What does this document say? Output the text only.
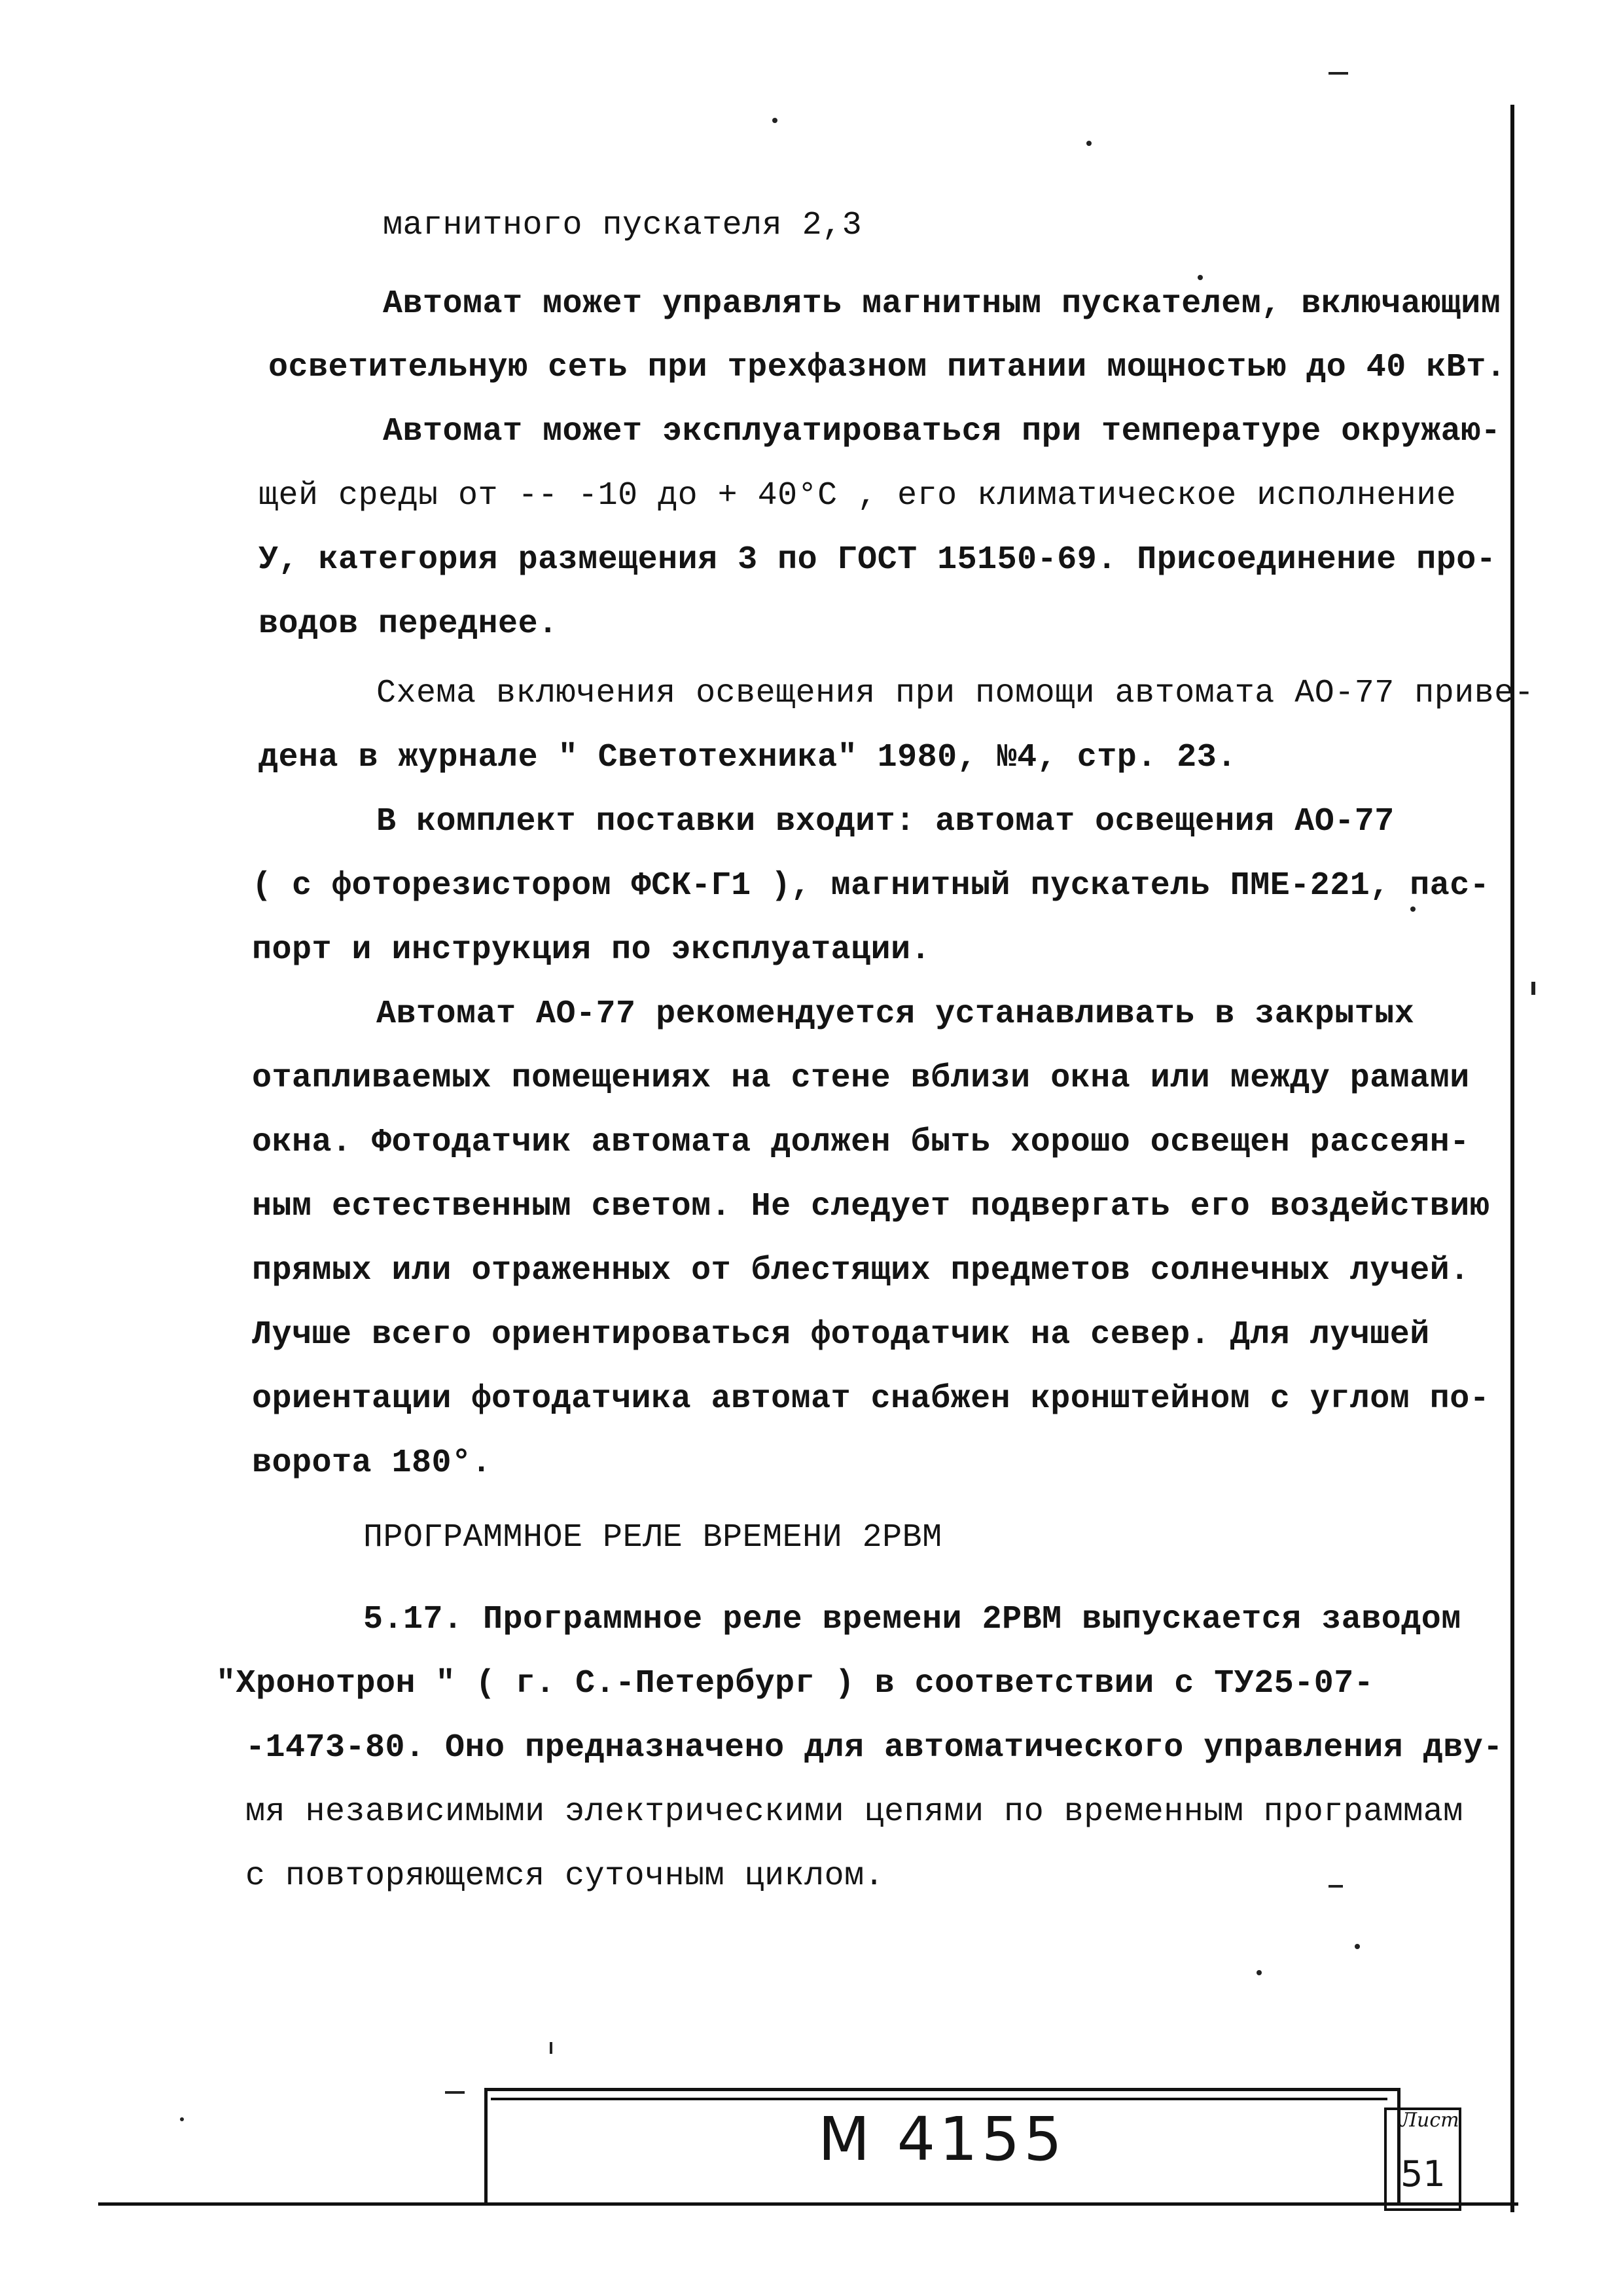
магнитного пускателя 2,3
Автомат может управлять магнитным пускателем, включающим
осветительную сеть при трехфазном питании мощностью до 40 кВт.
Автомат может эксплуатироваться при температуре окружаю-
щей среды от -- -10 до + 40°С , его климатическое исполнение
У, категория размещения 3 по ГОСТ 15150-69. Присоединение про-
водов переднее.
Схема включения освещения при помощи автомата АО-77 приве-
дена в журнале " Светотехника" 1980, №4, стр. 23.
В комплект поставки входит: автомат освещения АО-77
( с фоторезистором ФСК-Г1 ), магнитный пускатель ПМЕ-221, пас-
порт и инструкция по эксплуатации.
Автомат АО-77 рекомендуется устанавливать в закрытых
отапливаемых помещениях на стене вблизи окна или между рамами
окна. Фотодатчик автомата должен быть хорошо освещен рассеян-
ным естественным светом. Не следует подвергать его воздействию
прямых или отраженных от блестящих предметов солнечных лучей.
Лучше всего ориентироваться фотодатчик на север. Для лучшей
ориентации фотодатчика автомат снабжен кронштейном с углом по-
ворота 180°.
ПРОГРАММНОЕ РЕЛЕ ВРЕМЕНИ 2РВМ
5.17. Программное реле времени 2РВМ выпускается заводом
"Хронотрон " ( г. С.-Петербург ) в соответствии с ТУ25-07-
-1473-80. Оно предназначено для автоматического управления дву-
мя независимыми электрическими цепями по временным программам
с повторяющемся суточным циклом.
М 4155	Лист
51
